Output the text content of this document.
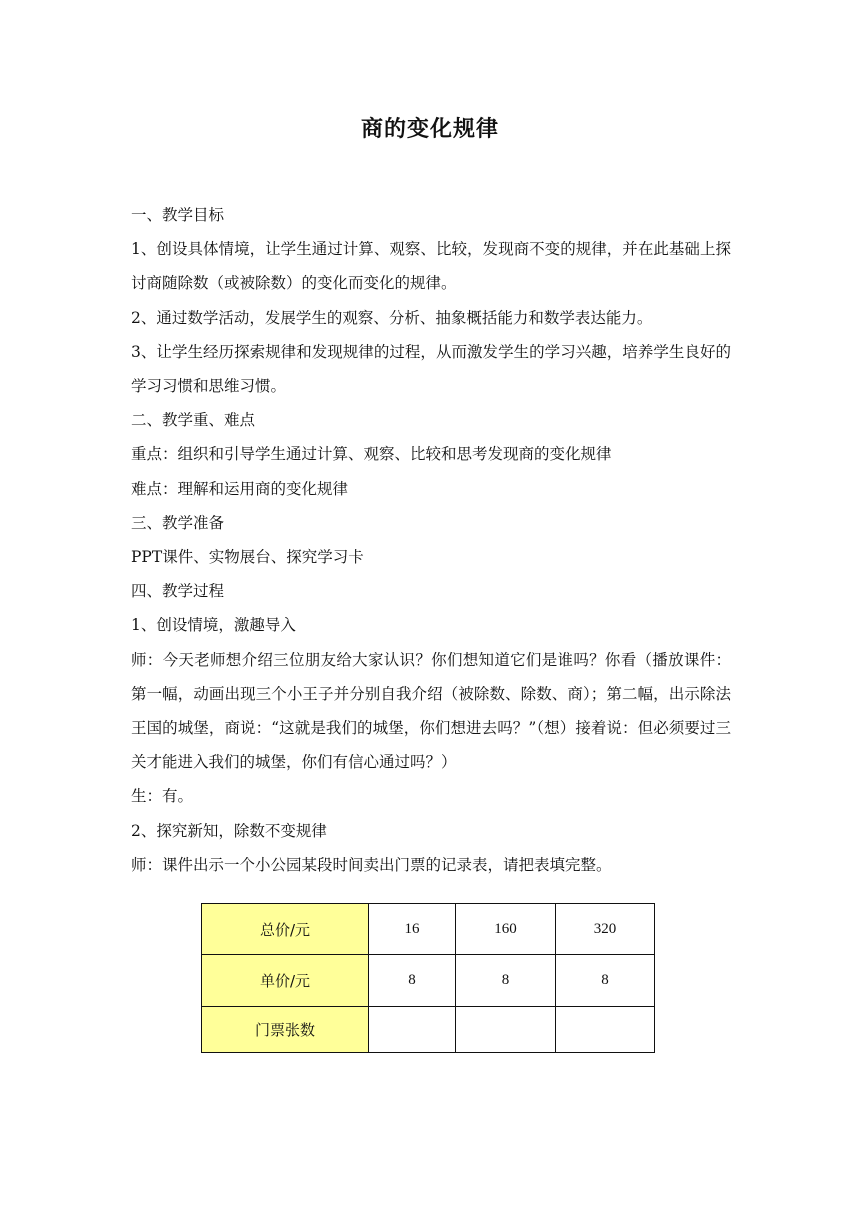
商的变化规律

一、教学目标

1、创设具体情境，让学生通过计算、观察、比较，发现商不变的规律，并在此基础上探讨商随除数（或被除数）的变化而变化的规律。

2、通过数学活动，发展学生的观察、分析、抽象概括能力和数学表达能力。

3、让学生经历探索规律和发现规律的过程，从而激发学生的学习兴趣，培养学生良好的学习习惯和思维习惯。

二、教学重、难点

重点：组织和引导学生通过计算、观察、比较和思考发现商的变化规律

难点：理解和运用商的变化规律

三、教学准备

PPT课件、实物展台、探究学习卡

四、教学过程

1、创设情境，激趣导入

师：今天老师想介绍三位朋友给大家认识？你们想知道它们是谁吗？你看（播放课件：第一幅，动画出现三个小王子并分别自我介绍（被除数、除数、商）；第二幅，出示除法王国的城堡，商说：“这就是我们的城堡，你们想进去吗？”（想）接着说：但必须要过三关才能进入我们的城堡，你们有信心通过吗？）

生：有。

2、探究新知，除数不变规律

师：课件出示一个小公园某段时间卖出门票的记录表，请把表填完整。

总价/元	16	160	320
单价/元	8	8	8
门票张数			
